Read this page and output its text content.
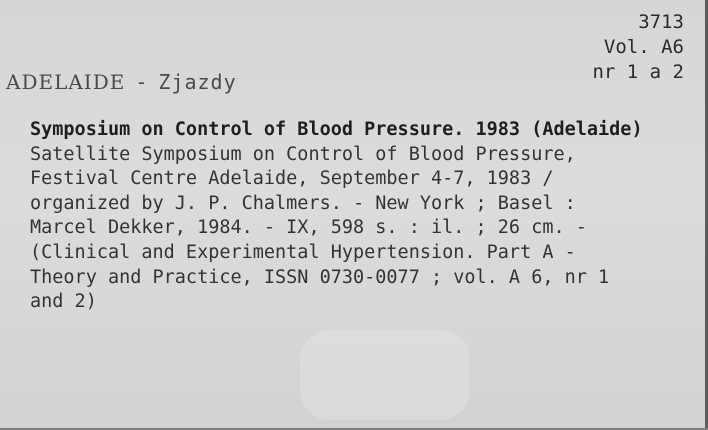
3713
Vol. A6
nr 1 a 2
ADELAIDE - Zjazdy
Symposium on Control of Blood Pressure. 1983 (Adelaide)
Satellite Symposium on Control of Blood Pressure,
Festival Centre Adelaide, September 4-7, 1983 /
organized by J. P. Chalmers. - New York ; Basel :
Marcel Dekker, 1984. - IX, 598 s. : il. ; 26 cm. -
(Clinical and Experimental Hypertension. Part A -
Theory and Practice, ISSN 0730-0077 ; vol. A 6, nr 1
and 2)
